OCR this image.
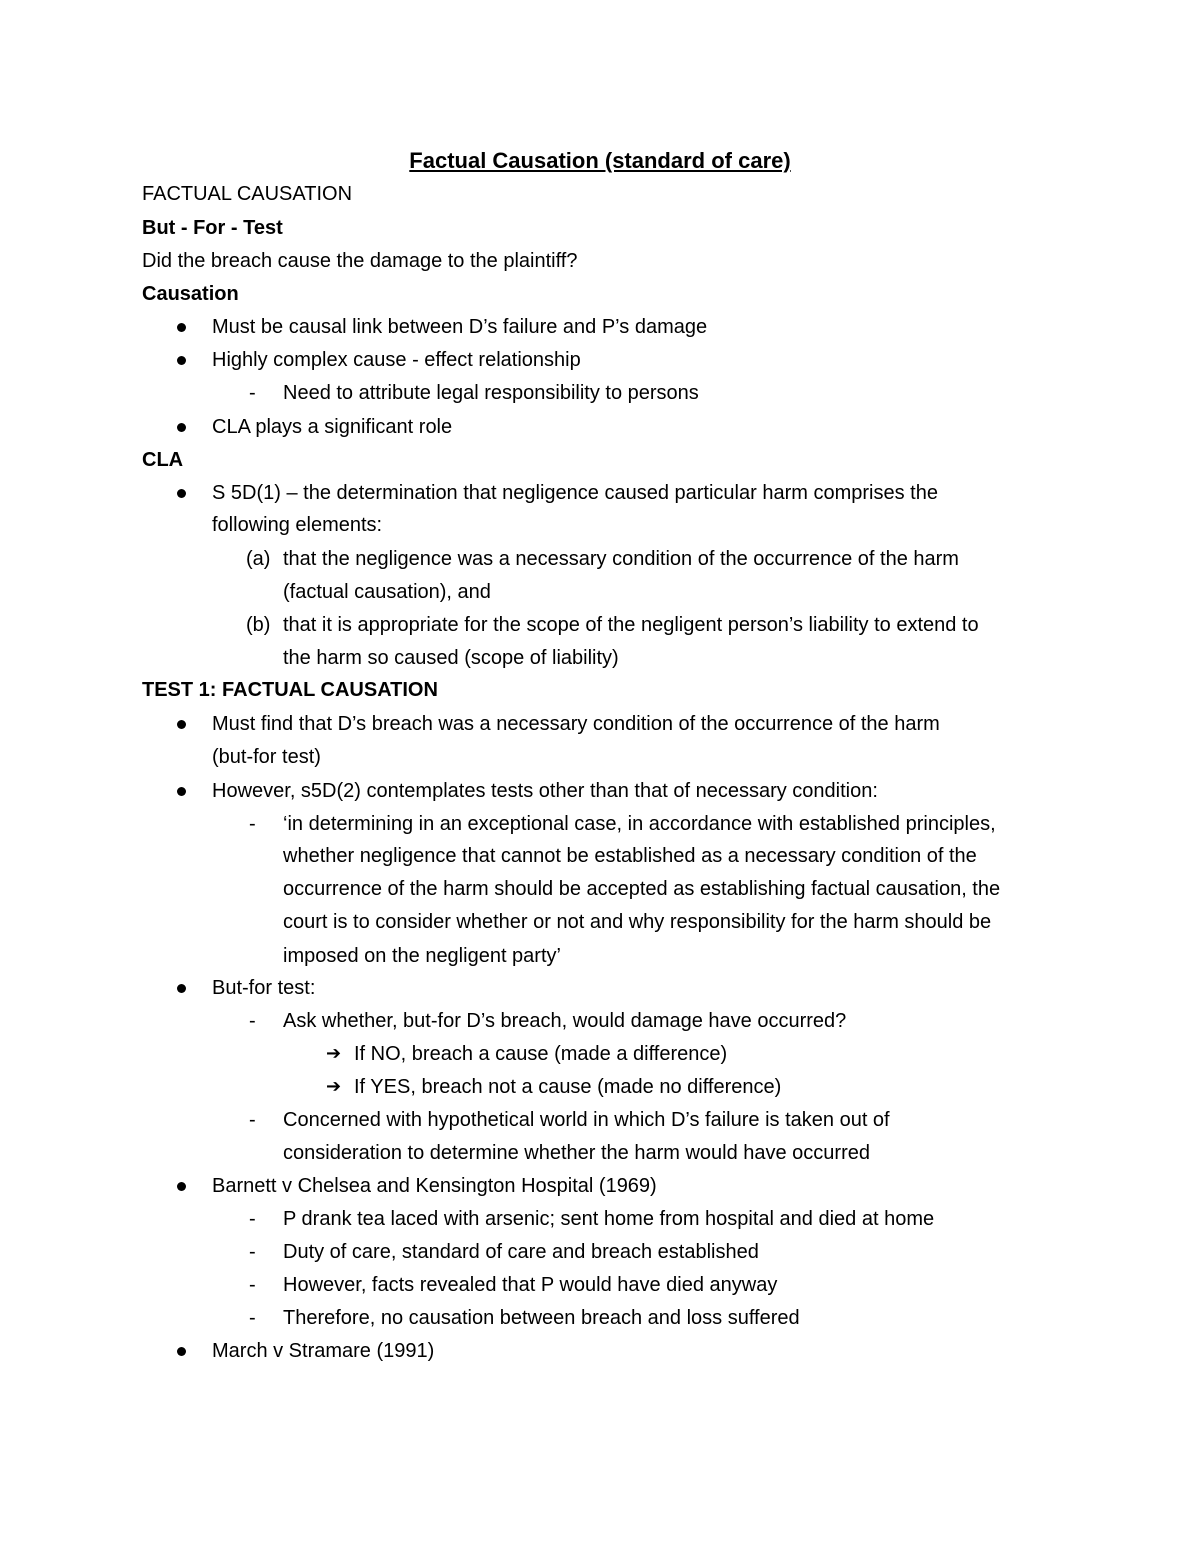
Factual Causation (standard of care)
FACTUAL CAUSATION
But - For - Test
Did the breach cause the damage to the plaintiff?
Causation
Must be causal link between D’s failure and P’s damage
Highly complex cause - effect relationship
- Need to attribute legal responsibility to persons
CLA plays a significant role
CLA
S 5D(1) – the determination that negligence caused particular harm comprises the
following elements:
(a) that the negligence was a necessary condition of the occurrence of the harm
(factual causation), and
(b) that it is appropriate for the scope of the negligent person’s liability to extend to
the harm so caused (scope of liability)
TEST 1: FACTUAL CAUSATION
Must find that D’s breach was a necessary condition of the occurrence of the harm
(but-for test)
However, s5D(2) contemplates tests other than that of necessary condition:
- ‘in determining in an exceptional case, in accordance with established principles,
whether negligence that cannot be established as a necessary condition of the
occurrence of the harm should be accepted as establishing factual causation, the
court is to consider whether or not and why responsibility for the harm should be
imposed on the negligent party’
But-for test:
- Ask whether, but-for D’s breach, would damage have occurred?
➔ If NO, breach a cause (made a difference)
➔ If YES, breach not a cause (made no difference)
- Concerned with hypothetical world in which D’s failure is taken out of
consideration to determine whether the harm would have occurred
Barnett v Chelsea and Kensington Hospital (1969)
- P drank tea laced with arsenic; sent home from hospital and died at home
- Duty of care, standard of care and breach established
- However, facts revealed that P would have died anyway
- Therefore, no causation between breach and loss suffered
March v Stramare (1991)
